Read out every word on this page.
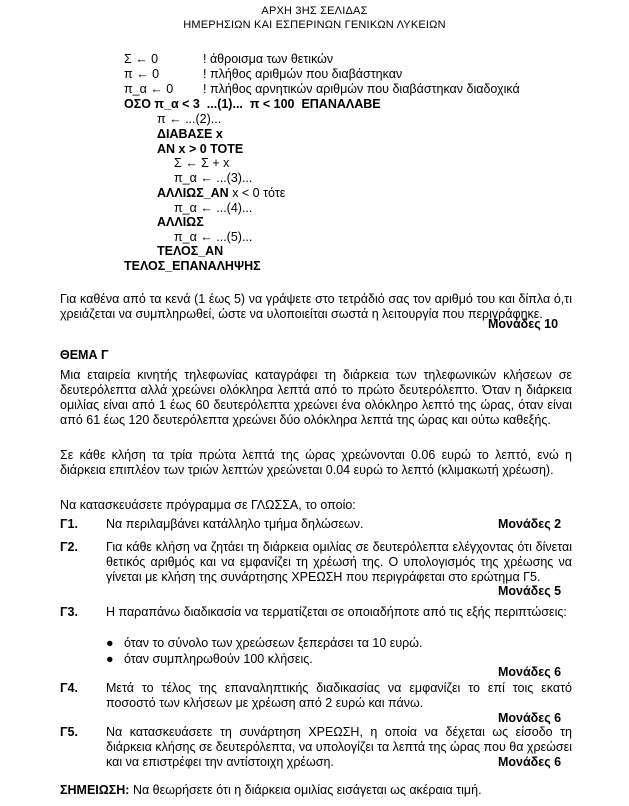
ΑΡΧΗ 3ΗΣ ΣΕΛΙΔΑΣ
ΗΜΕΡΗΣΙΩΝ ΚΑΙ ΕΣΠΕΡΙΝΩΝ ΓΕΝΙΚΩΝ ΛΥΚΕΙΩΝ
Σ ← 0	! άθροισμα των θετικών
π ← 0	! πλήθος αριθμών που διαβάστηκαν
π_α ← 0 ! πλήθος αρνητικών αριθμών που διαβάστηκαν διαδοχικά
ΟΣΟ π_α < 3  ...(1)...  π < 100  ΕΠΑΝΑΛΑΒΕ
π ← ...(2)...
ΔΙΑΒΑΣΕ x
ΑΝ x > 0 ΤΟΤΕ
Σ ← Σ + x
π_α ← ...(3)...
ΑΛΛΙΩΣ_ΑΝ x < 0 τότε
π_α ← ...(4)...
ΑΛΛΙΩΣ
π_α ← ...(5)...
ΤΕΛΟΣ_ΑΝ
ΤΕΛΟΣ_ΕΠΑΝΑΛΗΨΗΣ
Για καθένα από τα κενά (1 έως 5) να γράψετε στο τετράδιό σας τον αριθμό του και δίπλα ό,τι χρειάζεται να συμπληρωθεί, ώστε να υλοποιείται σωστά η λειτουργία που περιγράφηκε.
Μονάδες 10
ΘΕΜΑ Γ
Μια εταιρεία κινητής τηλεφωνίας καταγράφει τη διάρκεια των τηλεφωνικών κλήσεων σε δευτερόλεπτα αλλά χρεώνει ολόκληρα λεπτά από το πρώτο δευτερόλεπτο. Όταν η διάρκεια ομιλίας είναι από 1 έως 60 δευτερόλεπτα χρεώνει ένα ολόκληρο λεπτό της ώρας, όταν είναι από 61 έως 120 δευτερόλεπτα χρεώνει δύο ολόκληρα λεπτά της ώρας και ούτω καθεξής.
Σε κάθε κλήση τα τρία πρώτα λεπτά της ώρας χρεώνονται 0.06 ευρώ το λεπτό, ενώ η διάρκεια επιπλέον των τριών λεπτών χρεώνεται 0.04 ευρώ το λεπτό (κλιμακωτή χρέωση).
Να κατασκευάσετε πρόγραμμα σε ΓΛΩΣΣΑ, το οποίο:
Γ1. Να περιλαμβάνει κατάλληλο τμήμα δηλώσεων.	Μονάδες 2
Γ2. Για κάθε κλήση να ζητάει τη διάρκεια ομιλίας σε δευτερόλεπτα ελέγχοντας ότι δίνεται θετικός αριθμός και να εμφανίζει τη χρέωσή της. Ο υπολογισμός της χρέωσης να γίνεται με κλήση της συνάρτησης ΧΡΕΩΣΗ που περιγράφεται στο ερώτημα Γ5.
Μονάδες 5
Γ3. Η παραπάνω διαδικασία να τερματίζεται σε οποιαδήποτε από τις εξής περιπτώσεις:
● όταν το σύνολο των χρεώσεων ξεπεράσει τα 10 ευρώ.
● όταν συμπληρωθούν 100 κλήσεις.
Μονάδες 6
Γ4. Μετά το τέλος της επαναληπτικής διαδικασίας να εμφανίζει το επί τοις εκατό ποσοστό των κλήσεων με χρέωση από 2 ευρώ και πάνω.
Μονάδες 6
Γ5. Να κατασκευάσετε τη συνάρτηση ΧΡΕΩΣΗ, η οποία να δέχεται ως είσοδο τη διάρκεια κλήσης σε δευτερόλεπτα, να υπολογίζει τα λεπτά της ώρας που θα χρεώσει και να επιστρέφει την αντίστοιχη χρέωση.	Μονάδες 6
ΣΗΜΕΙΩΣΗ: Να θεωρήσετε ότι η διάρκεια ομιλίας εισάγεται ως ακέραια τιμή.
